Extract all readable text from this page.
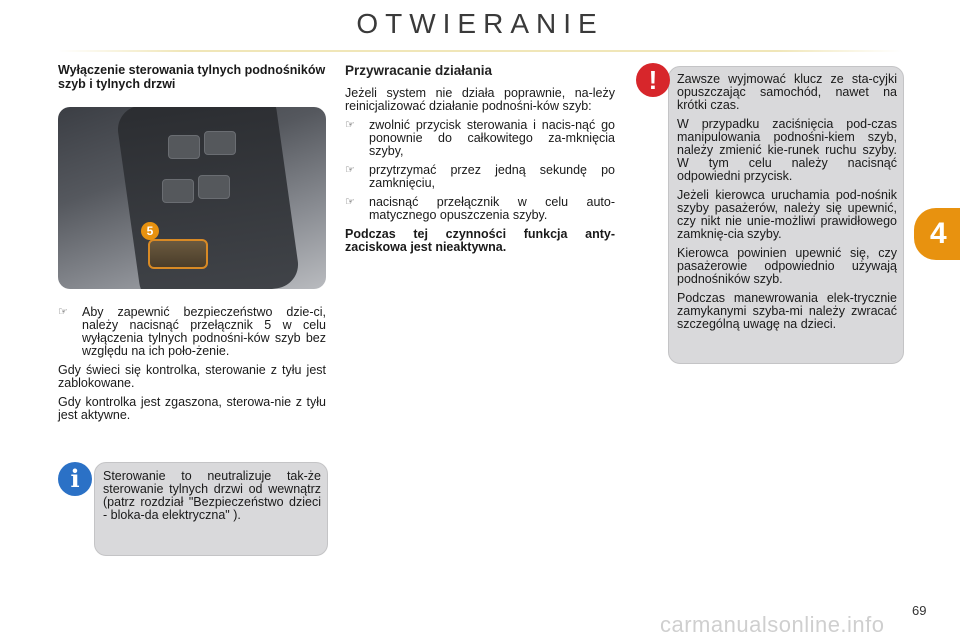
OTWIERANIE
4
Wyłączenie sterowania tylnych podnośników szyb i tylnych drzwi
5
☞ Aby zapewnić bezpieczeństwo dzie-ci, należy nacisnąć przełącznik 5 w celu wyłączenia tylnych podnośni-ków szyb bez względu na ich poło-żenie.

Gdy świeci się kontrolka, sterowanie z tyłu jest zablokowane.

Gdy kontrolka jest zgaszona, sterowa-nie z tyłu jest aktywne.

i	Sterowanie to neutralizuje tak-że sterowanie tylnych drzwi od wewnątrz (patrz rozdział "Bezpieczeństwo dzieci - bloka-da elektryczna" ).
Przywracanie działania

Jeżeli system nie działa poprawnie, na-leży reinicjalizować działanie podnośni-ków szyb:

☞ zwolnić przycisk sterowania i nacis-nąć go ponownie do całkowitego za-mknięcia szyby,
☞ przytrzymać przez jedną sekundę po zamknięciu,
☞ nacisnąć przełącznik w celu auto-matycznego opuszczenia szyby.

Podczas tej czynności funkcja anty-zaciskowa jest nieaktywna.

Zawsze wyjmować klucz ze sta-cyjki opuszczając samochód, nawet na krótki czas.

W przypadku zaciśnięcia pod-czas manipulowania podnośni-kiem szyb, należy zmienić kie-runek ruchu szyby. W tym celu należy nacisnąć odpowiedni przycisk.

Jeżeli kierowca uruchamia pod-nośnik szyby pasażerów, należy się upewnić, czy nikt nie unie-możliwi prawidłowego zamknię-cia szyby.

Kierowca powinien upewnić się, czy pasażerowie odpowiednio używają podnośników szyb.

Podczas manewrowania elek-trycznie zamykanymi szyba-mi należy zwracać szczególną uwagę na dzieci.

!
69
carmanualsonline.info
